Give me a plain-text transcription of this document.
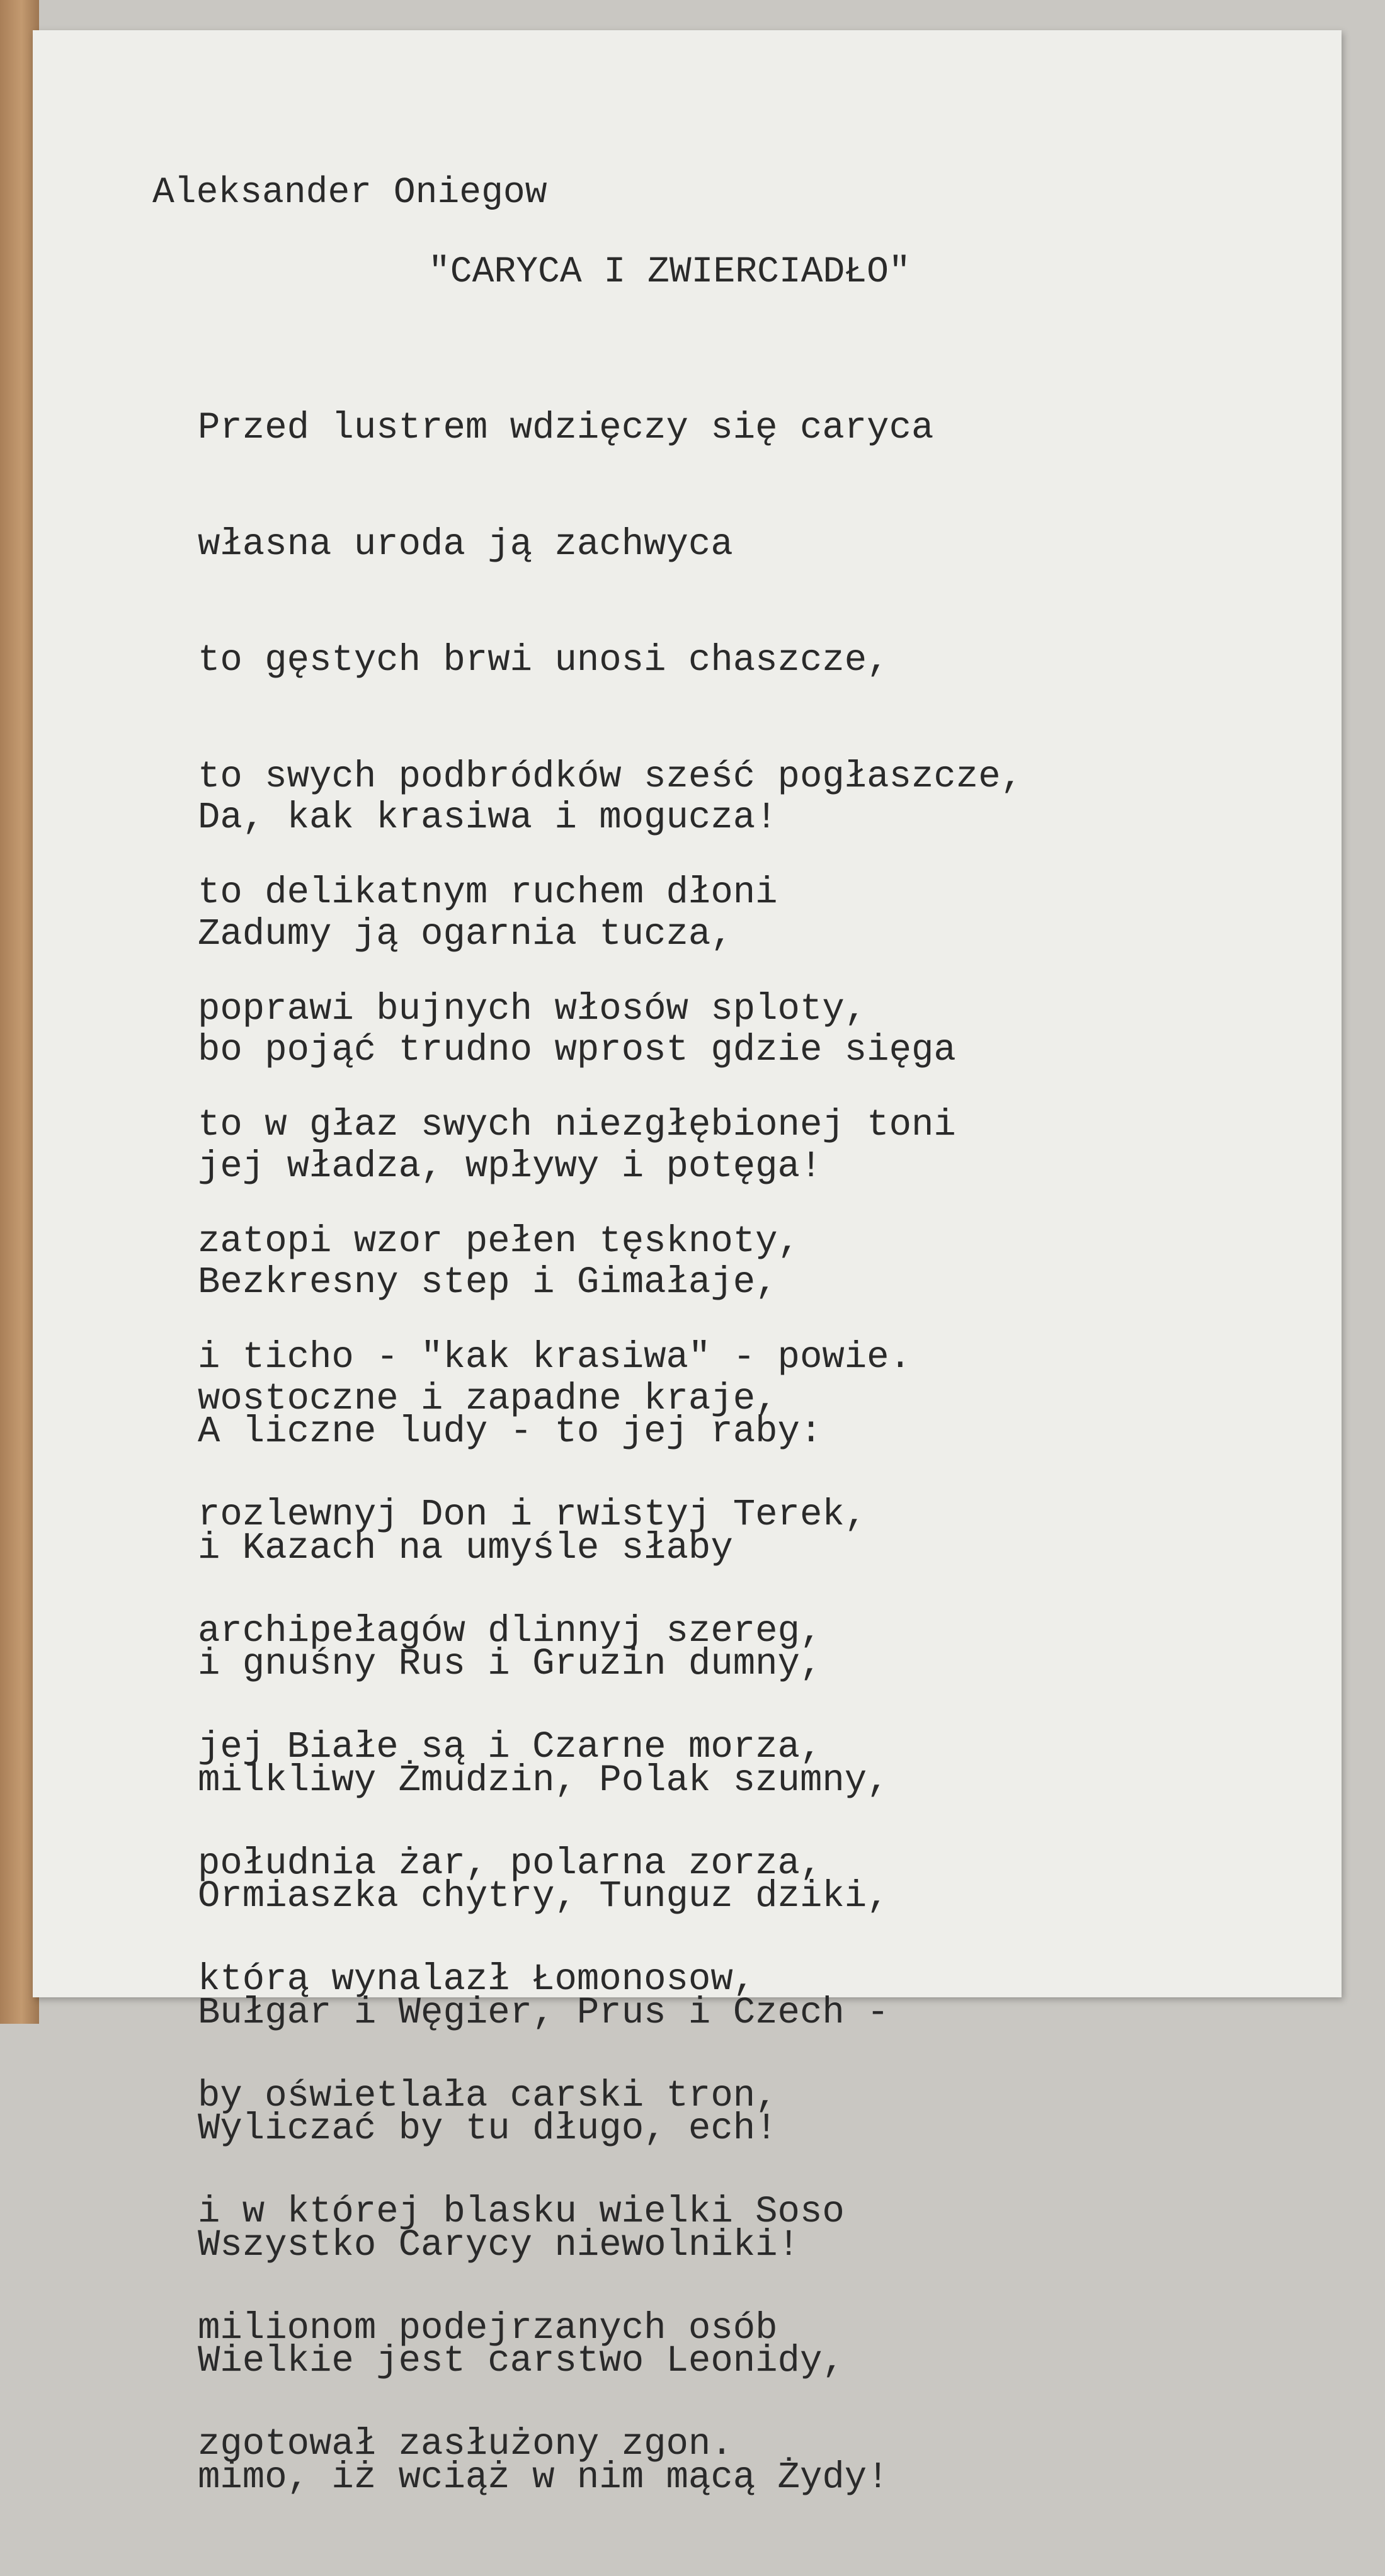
Aleksander Oniegow
"CARYCA I ZWIERCIADŁO"

Przed lustrem wdzięczy się caryca

własna uroda ją zachwyca

to gęstych brwi unosi chaszcze,

to swych podbródków sześć pogłaszcze,

to delikatnym ruchem dłoni

poprawi bujnych włosów sploty,

to w głaz swych niezgłębionej toni

zatopi wzor pełen tęsknoty,

i ticho - "kak krasiwa" - powie.

Da, kak krasiwa i mogucza!

Zadumy ją ogarnia tucza,

bo pojąć trudno wprost gdzie sięga

jej władza, wpływy i potęga!

Bezkresny step i Gimałaje,

wostoczne i zapadne kraje,

rozlewnyj Don i rwistyj Terek,

archipełagów dlinnyj szereg,

jej Białe są i Czarne morza,

południa żar, polarna zorza,

którą wynalazł Łomonosow,

by oświetlała carski tron,

i w której blasku wielki Soso

milionom podejrzanych osób

zgotował zasłużony zgon.

A liczne ludy - to jej raby:

i Kazach na umyśle słaby

i gnuśny Rus i Gruzin dumny,

milkliwy Żmudzin, Polak szumny,

Ormiaszka chytry, Tunguz dziki,

Bułgar i Węgier, Prus i Czech -

Wyliczać by tu długo, ech!

Wszystko Carycy niewolniki!

Wielkie jest carstwo Leonidy,

mimo, iż wciąż w nim mącą Żydy!
